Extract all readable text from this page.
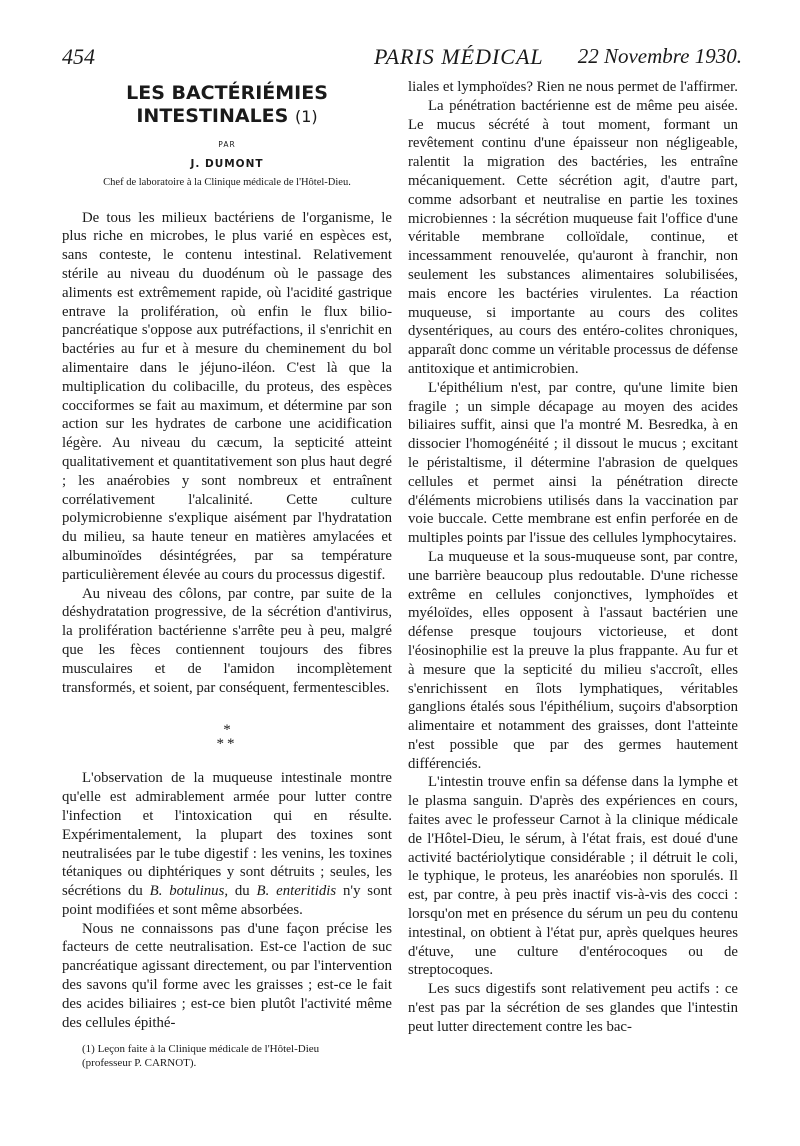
454	PARIS MÉDICAL 22 Novembre 1930.
LES BACTÉRIÉMIES
INTESTINALES (1)
PAR
J. DUMONT
Chef de laboratoire à la Clinique médicale de l'Hôtel-Dieu.

De tous les milieux bactériens de l'organisme, le plus riche en microbes, le plus varié en espèces est, sans conteste, le contenu intestinal. Relativement stérile au niveau du duodénum où le passage des aliments est extrêmement rapide, où l'acidité gastrique entrave la prolifération, où enfin le flux bilio-pancréatique s'oppose aux putréfactions, il s'enrichit en bactéries au fur et à mesure du cheminement du bol alimentaire dans le jéjuno-iléon. C'est là que la multiplication du colibacille, du proteus, des espèces cocciformes se fait au maximum, et détermine par son action sur les hydrates de carbone une acidification légère. Au niveau du cæcum, la septicité atteint qualitativement et quantitativement son plus haut degré ; les anaérobies y sont nombreux et entraînent corrélativement l'alcalinité. Cette culture polymicrobienne s'explique aisément par l'hydratation du milieu, sa haute teneur en matières amylacées et albuminoïdes désintégrées, par sa température particulièrement élevée au cours du processus digestif.

Au niveau des côlons, par contre, par suite de la déshydratation progressive, de la sécrétion d'antivirus, la prolifération bactérienne s'arrête peu à peu, malgré que les fèces contiennent toujours des fibres musculaires et de l'amidon incomplètement transformés, et soient, par conséquent, fermentescibles.

*
**

L'observation de la muqueuse intestinale montre qu'elle est admirablement armée pour lutter contre l'infection et l'intoxication qui en résulte. Expérimentalement, la plupart des toxines sont neutralisées par le tube digestif : les venins, les toxines tétaniques ou diphtériques y sont détruits ; seules, les sécrétions du B. botulinus, du B. enteritidis n'y sont point modifiées et sont même absorbées.

Nous ne connaissons pas d'une façon précise les facteurs de cette neutralisation. Est-ce l'action de suc pancréatique agissant directement, ou par l'intervention des savons qu'il forme avec les graisses ; est-ce le fait des acides biliaires ; est-ce bien plutôt l'activité même des cellules épithé-

liales et lymphoïdes? Rien ne nous permet de l'affirmer.

La pénétration bactérienne est de même peu aisée. Le mucus sécrété à tout moment, formant un revêtement continu d'une épaisseur non négligeable, ralentit la migration des bactéries, les entraîne mécaniquement. Cette sécrétion agit, d'autre part, comme adsorbant et neutralise en partie les toxines microbiennes : la sécrétion muqueuse fait l'office d'une véritable membrane colloïdale, continue, et incessamment renouvelée, qu'auront à franchir, non seulement les substances alimentaires solubilisées, mais encore les bactéries virulentes. La réaction muqueuse, si importante au cours des colites dysentériques, au cours des entéro-colites chroniques, apparaît donc comme un véritable processus de défense antitoxique et antimicrobien.

L'épithélium n'est, par contre, qu'une limite bien fragile ; un simple décapage au moyen des acides biliaires suffit, ainsi que l'a montré M. Besredka, à en dissocier l'homogénéité ; il dissout le mucus ; excitant le péristaltisme, il détermine l'abrasion de quelques cellules et permet ainsi la pénétration directe d'éléments microbiens utilisés dans la vaccination par voie buccale. Cette membrane est enfin perforée en de multiples points par l'issue des cellules lymphocytaires.

La muqueuse et la sous-muqueuse sont, par contre, une barrière beaucoup plus redoutable. D'une richesse extrême en cellules conjonctives, lymphoïdes et myéloïdes, elles opposent à l'assaut bactérien une défense presque toujours victorieuse, et dont l'éosinophilie est la preuve la plus frappante. Au fur et à mesure que la septicité du milieu s'accroît, elles s'enrichissent en îlots lymphatiques, véritables ganglions étalés sous l'épithélium, suçoirs d'absorption alimentaire et notamment des graisses, dont l'atteinte n'est possible que par des germes hautement différenciés.

L'intestin trouve enfin sa défense dans la lymphe et le plasma sanguin. D'après des expériences en cours, faites avec le professeur Carnot à la clinique médicale de l'Hôtel-Dieu, le sérum, à l'état frais, est doué d'une activité bactériolytique considérable ; il détruit le coli, le typhique, le proteus, les anaréobies non sporulés. Il est, par contre, à peu près inactif vis-à-vis des cocci : lorsqu'on met en présence du sérum un peu du contenu intestinal, on obtient à l'état pur, après quelques heures d'étuve, une culture d'entérocoques ou de streptocoques.

Les sucs digestifs sont relativement peu actifs : ce n'est pas par la sécrétion de ses glandes que l'intestin peut lutter directement contre les bac-

(1) Leçon faite à la Clinique médicale de l'Hôtel-Dieu
(professeur P. CARNOT).
